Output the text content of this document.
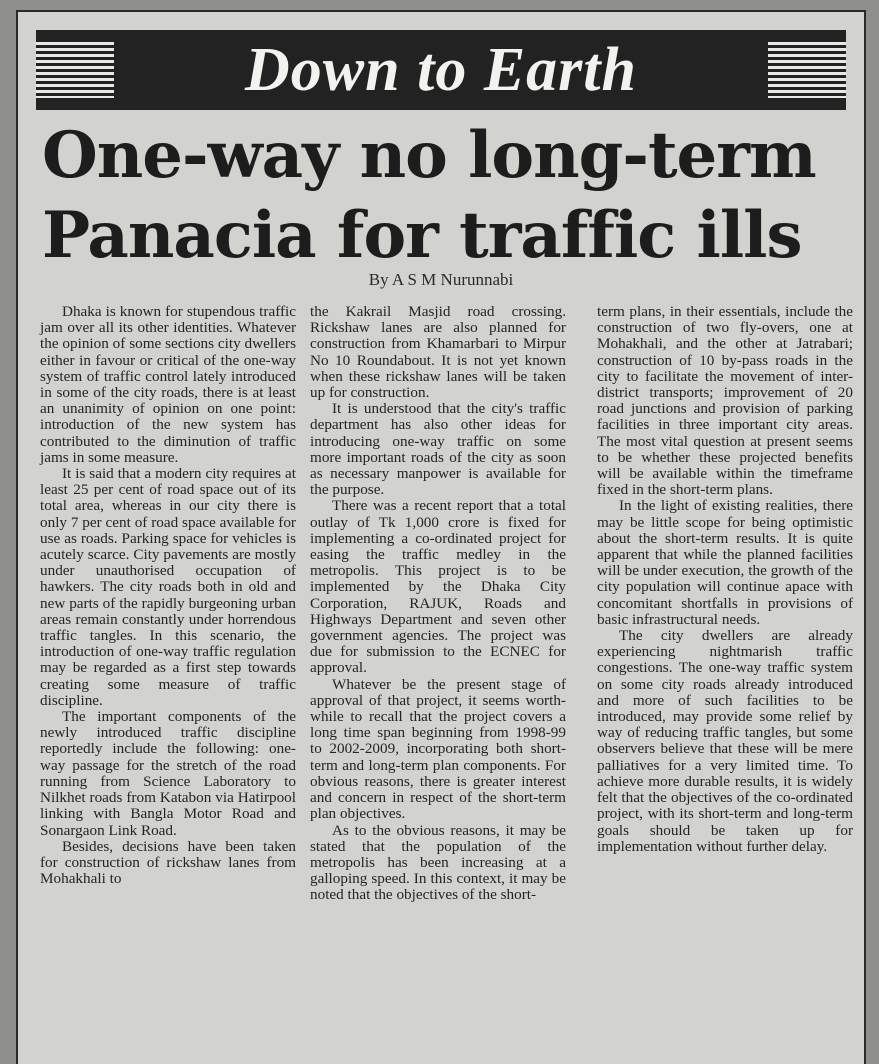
Down to Earth
One-way no long-term Panacia for traffic ills
By A S M Nurunnabi

Dhaka is known for stupendous traffic jam over all its other identities. Whatever the opinion of some sections city dwellers either in favour or critical of the one-way system of traffic control lately introduced in some of the city roads, there is at least an unanimity of opinion on one point: introduction of the new system has contributed to the diminution of traffic jams in some measure.

It is said that a modern city requires at least 25 per cent of road space out of its total area, whereas in our city there is only 7 per cent of road space available for use as roads. Parking space for vehicles is acutely scarce. City pavements are mostly under unauthorised occupation of hawkers. The city roads both in old and new parts of the rapidly burgeoning urban areas remain constantly under horrendous traffic tangles. In this scenario, the introduction of one-way traffic regulation may be regarded as a first step towards creating some measure of traffic discipline.

The important components of the newly introduced traffic discipline reportedly include the following: one-way passage for the stretch of the road running from Science Laboratory to Nilkhet roads from Katabon via Hatirpool linking with Bangla Motor Road and Sonargaon Link Road.

Besides, decisions have been taken for construction of rickshaw lanes from Mohakhali to

the Kakrail Masjid road crossing. Rickshaw lanes are also planned for construction from Khamarbari to Mirpur No 10 Roundabout. It is not yet known when these rickshaw lanes will be taken up for construction.

It is understood that the city's traffic department has also other ideas for introducing one-way traffic on some more important roads of the city as soon as necessary manpower is available for the purpose.

There was a recent report that a total outlay of Tk 1,000 crore is fixed for implementing a co-ordinated project for easing the traffic medley in the metropolis. This project is to be implemented by the Dhaka City Corporation, RAJUK, Roads and Highways Department and seven other government agencies. The project was due for submission to the ECNEC for approval.

Whatever be the present stage of approval of that project, it seems worth-while to recall that the project covers a long time span beginning from 1998-99 to 2002-2009, incorporating both short-term and long-term plan components. For obvious reasons, there is greater interest and concern in respect of the short-term plan objectives.

As to the obvious reasons, it may be stated that the population of the metropolis has been increasing at a galloping speed. In this context, it may be noted that the objectives of the short-

term plans, in their essentials, include the construction of two fly-overs, one at Mohakhali, and the other at Jatrabari; construction of 10 by-pass roads in the city to facilitate the movement of inter-district transports; improvement of 20 road junctions and provision of parking facilities in three important city areas. The most vital question at present seems to be whether these projected benefits will be available within the timeframe fixed in the short-term plans.

In the light of existing realities, there may be little scope for being optimistic about the short-term results. It is quite apparent that while the planned facilities will be under execution, the growth of the city population will continue apace with concomitant shortfalls in provisions of basic infrastructural needs.

The city dwellers are already experiencing nightmarish traffic congestions. The one-way traffic system on some city roads already introduced and more of such facilities to be introduced, may provide some relief by way of reducing traffic tangles, but some observers believe that these will be mere palliatives for a very limited time. To achieve more durable results, it is widely felt that the objectives of the co-ordinated project, with its short-term and long-term goals should be taken up for implementation without further delay.
